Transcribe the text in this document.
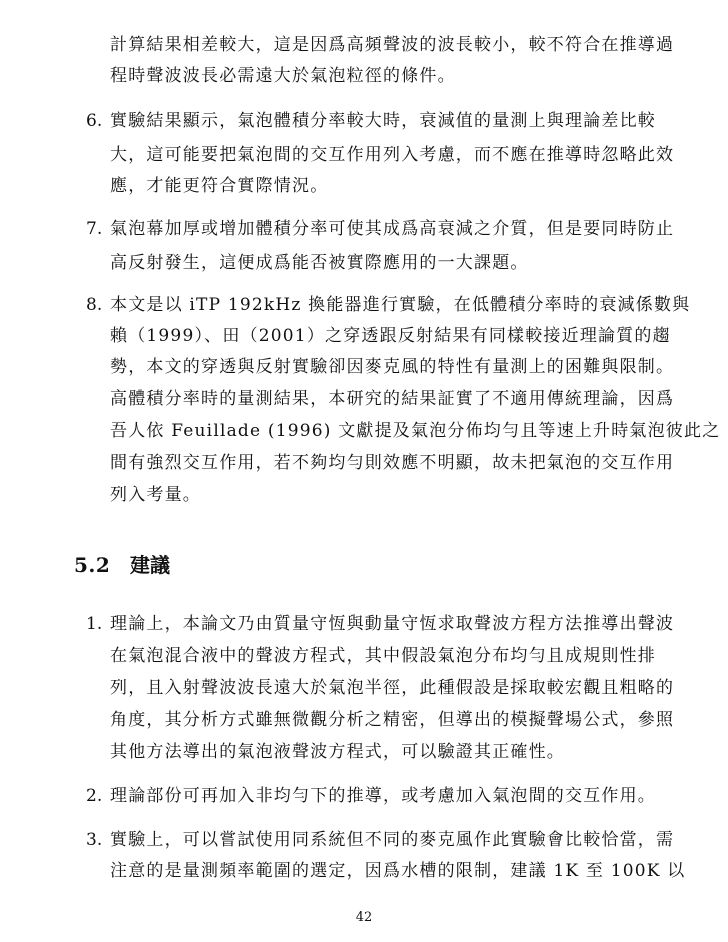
計算結果相差較大，這是因爲高頻聲波的波長較小，較不符合在推導過
程時聲波波長必需遠大於氣泡粒徑的條件。
6. 實驗結果顯示，氣泡體積分率較大時，衰減值的量測上與理論差比較
大，這可能要把氣泡間的交互作用列入考慮，而不應在推導時忽略此效
應，才能更符合實際情況。
7. 氣泡幕加厚或增加體積分率可使其成爲高衰減之介質，但是要同時防止
高反射發生，這便成爲能否被實際應用的一大課題。
8. 本文是以 iTP 192kHz 換能器進行實驗，在低體積分率時的衰減係數與
賴（1999）、田（2001）之穿透跟反射結果有同樣較接近理論質的趨
勢，本文的穿透與反射實驗卻因麥克風的特性有量測上的困難與限制。
高體積分率時的量測結果，本研究的結果証實了不適用傳統理論，因爲
吾人依 Feuillade (1996) 文獻提及氣泡分佈均勻且等速上升時氣泡彼此之
間有強烈交互作用，若不夠均勻則效應不明顯，故未把氣泡的交互作用
列入考量。
5.2 建議
1. 理論上，本論文乃由質量守恆與動量守恆求取聲波方程方法推導出聲波
在氣泡混合液中的聲波方程式，其中假設氣泡分布均勻且成規則性排
列，且入射聲波波長遠大於氣泡半徑，此種假設是採取較宏觀且粗略的
角度，其分析方式雖無微觀分析之精密，但導出的模擬聲場公式，參照
其他方法導出的氣泡液聲波方程式，可以驗證其正確性。
2. 理論部份可再加入非均勻下的推導，或考慮加入氣泡間的交互作用。
3. 實驗上，可以嘗試使用同系統但不同的麥克風作此實驗會比較恰當，需
注意的是量測頻率範圍的選定，因爲水槽的限制，建議 1K 至 100K 以
42
